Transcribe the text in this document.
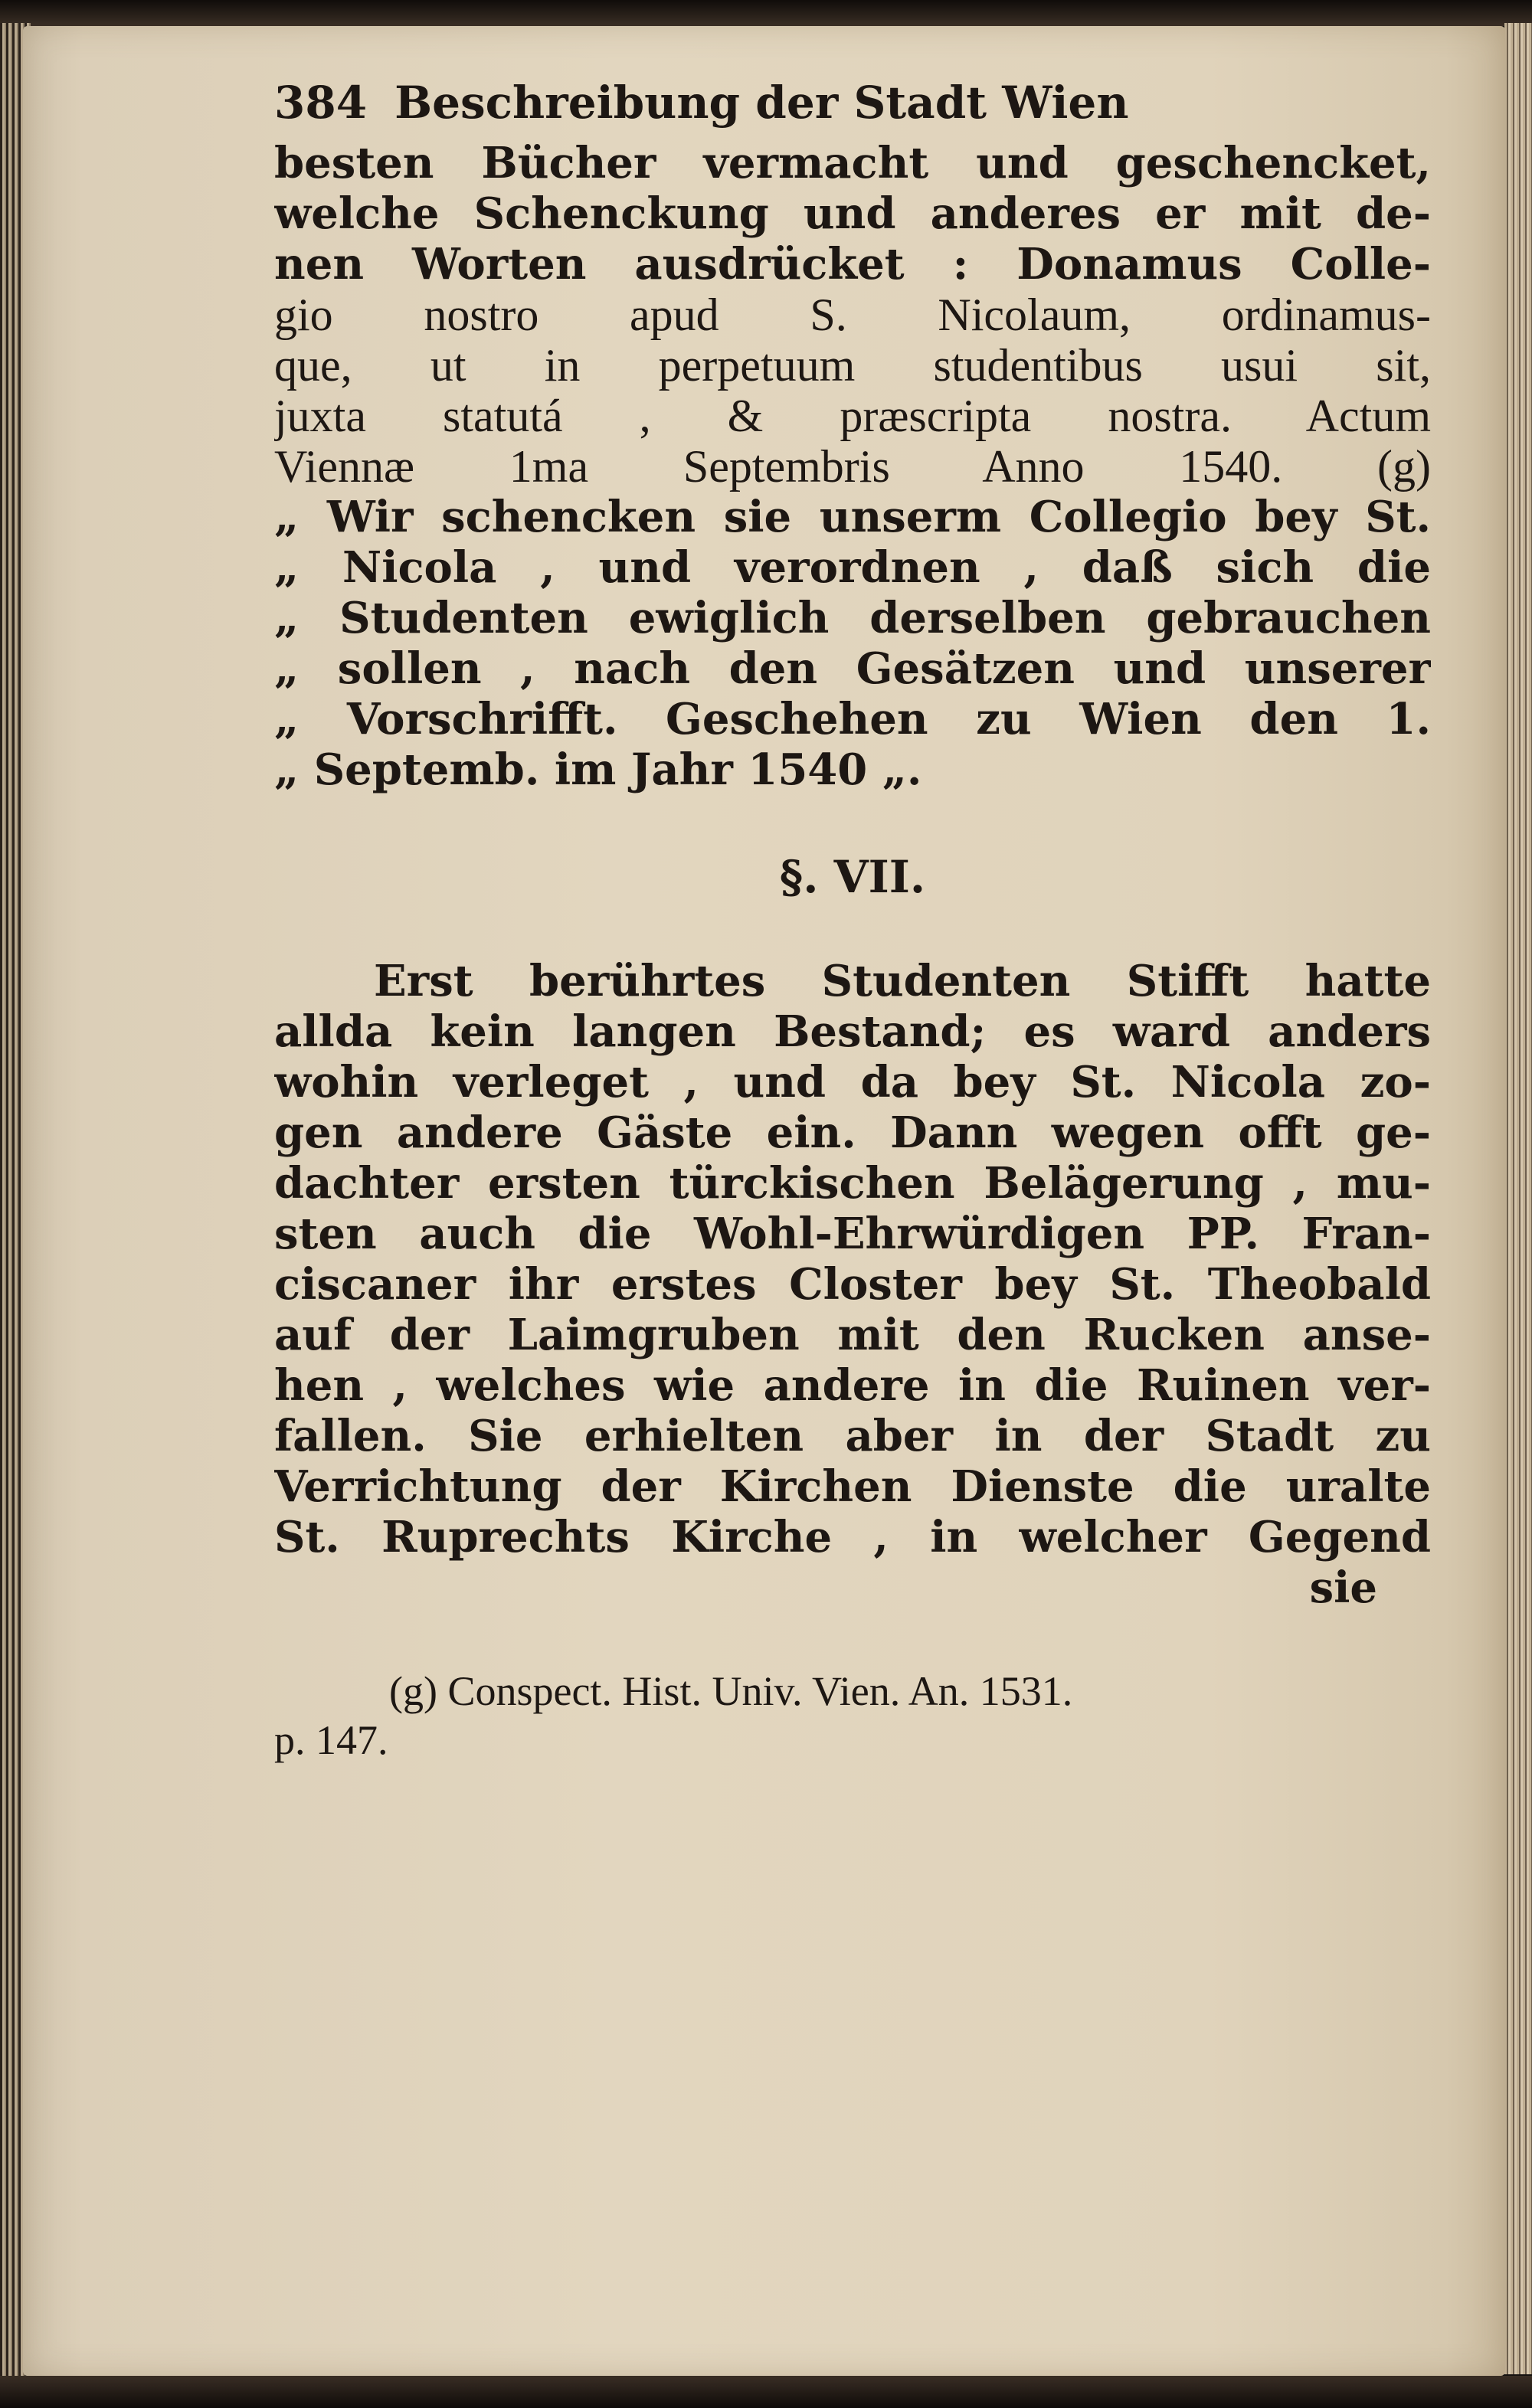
384 Beschreibung der Stadt Wien
besten Bücher vermacht und geschencket,
welche Schenckung und anderes er mit de-
nen Worten ausdrücket : Donamus Colle-
gio nostro apud S. Nicolaum, ordinamus-
que, ut in perpetuum studentibus usui sit,
juxta statutá , & præscripta nostra. Actum
Viennæ 1ma Septembris Anno 1540. (g)
„ Wir schencken sie unserm Collegio bey St.
„ Nicola , und verordnen , daß sich die
„ Studenten ewiglich derselben gebrauchen
„ sollen , nach den Gesätzen und unserer
„ Vorschrifft. Geschehen zu Wien den 1.
„ Septemb. im Jahr 1540 „.
§. VII.
Erst berührtes Studenten Stifft hatte
allda kein langen Bestand; es ward anders
wohin verleget , und da bey St. Nicola zo-
gen andere Gäste ein. Dann wegen offt ge-
dachter ersten türckischen Belägerung , mu-
sten auch die Wohl-Ehrwürdigen PP. Fran-
ciscaner ihr erstes Closter bey St. Theobald
auf der Laimgruben mit den Rucken anse-
hen , welches wie andere in die Ruinen ver-
fallen. Sie erhielten aber in der Stadt zu
Verrichtung der Kirchen Dienste die uralte
St. Ruprechts Kirche , in welcher Gegend
sie
(g) Conspect. Hist. Univ. Vien. An. 1531.
p. 147.
